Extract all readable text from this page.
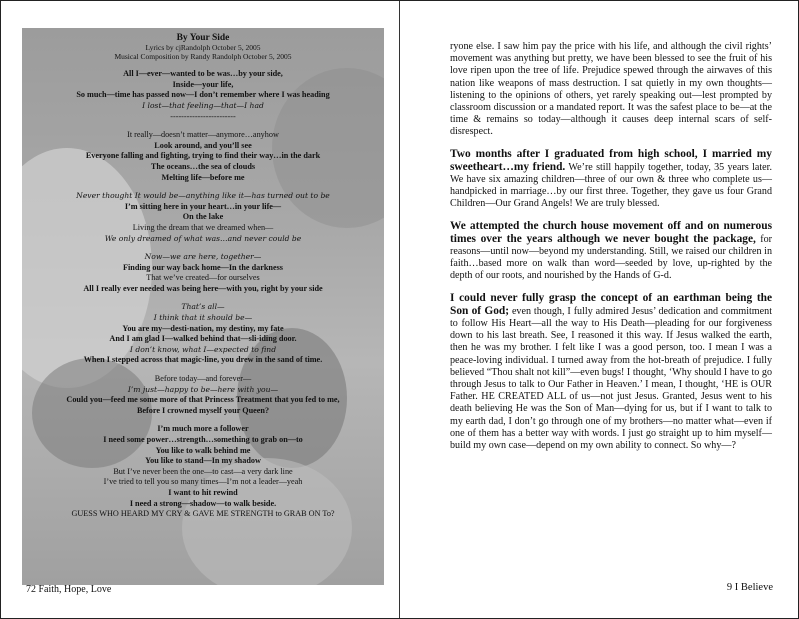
By Your Side
Lyrics by cjRandolph October 5, 2005
Musical Composition by Randy Randolph October 5, 2005
All I—ever—wanted to be was…by your side,
Inside—your life,
So much—time has passed now—I don’t remember where I was heading
I lost—that feeling—that—I had
------------------------
It really—doesn’t matter—anymore…anyhow
Look around, and you’ll see
Everyone falling and fighting, trying to find their way…in the dark
The oceans…the sea of clouds
Melting life—before me
Never thought It would be—anything like it—has turned out to be
I’m sitting here in your heart…in your life—
On the lake
Living the dream that we dreamed when—
We only dreamed of what was…and never could be
Now—we are here, together—
Finding our way back home—In the darkness
That we’ve created—for ourselves
All I really ever needed was being here—with you, right by your side
That’s all—
I think that it should be—
You are my—desti-nation, my destiny, my fate
And I am glad I—walked behind that—sli-iding door.
I don’t know, what I—expected to find
When I stepped across that magic-line, you drew in the sand of time.
Before today—and forever—
I’m just—happy to be—here with you—
Could you—feed me some more of that Princess Treatment that you fed to me,
Before I crowned myself your Queen?
I’m much more a follower
I need some power…strength…something to grab on—to
You like to walk behind me
You like to stand—In my shadow
But I’ve never been the one—to cast—a very dark line
I’ve tried to tell you so many times—I’m not a leader—yeah
I want to hit rewind
I need a strong—shadow—to walk beside.
GUESS WHO HEARD MY CRY & GAVE ME STRENGTH to GRAB ON To?
72 Faith, Hope, Love

ryone else. I saw him pay the price with his life, and although the civil rights’ movement was anything but pretty, we have been blessed to see the fruit of his love ripen upon the tree of life. Prejudice spewed through the airwaves of this nation like weapons of mass destruction. I sat quietly in my own thoughts—listening to the opinions of others, yet rarely speaking out—lest prompted by classroom discussion or a mandated report. It was the safest place to be—at the time & remains so today—although it causes deep internal scars of self-disrespect.

Two months after I graduated from high school, I married my sweetheart…my friend. We’re still happily together, today, 35 years later. We have six amazing children—three of our own & three who complete us—handpicked in marriage…by our first three. Together, they gave us four Grand Children—Our Grand Angels! We are truly blessed.

We attempted the church house movement off and on numerous times over the years although we never bought the package, for reasons—until now—beyond my understanding. Still, we raised our children in faith…based more on walk than word—seeded by love, up-righted by the depth of our roots, and nourished by the Hands of G-d.

I could never fully grasp the concept of an earthman being the Son of God; even though, I fully admired Jesus’ dedication and commitment to follow His Heart—all the way to His Death—pleading for our forgiveness down to his last breath. See, I reasoned it this way. If Jesus walked the earth, then he was my brother. I felt like I was a good person, too. I mean I was a peace-loving individual. I turned away from the hot-breath of prejudice. I fully believed “Thou shalt not kill”—even bugs! I thought, ‘Why should I have to go through Jesus to talk to Our Father in Heaven.’ I mean, I thought, ‘HE is OUR Father. HE CREATED ALL of us—not just Jesus. Granted, Jesus went to his death believing He was the Son of Man—dying for us, but if I want to talk to my earth dad, I don’t go through one of my brothers—no matter what—even if one of them has a better way with words. I just go straight up to him myself—build my own case—depend on my own ability to connect. So why—?

9 I Believe
